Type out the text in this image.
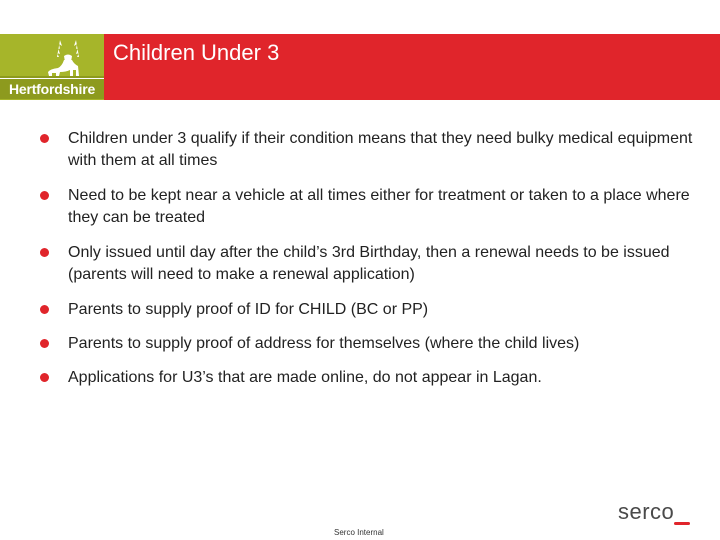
Hertfordshire
Children Under 3
Children under 3 qualify if their condition means that they need bulky medical equipment with them at all times
Need to be kept near a vehicle at all times either for treatment or taken to a place where they can be treated
Only issued until day after the child’s 3rd Birthday, then a renewal needs to be issued (parents will need to make a renewal application)
Parents to supply proof of ID for CHILD (BC or PP)
Parents to supply proof of address for themselves (where the child lives)
Applications for U3’s that are made online, do not appear in Lagan.
Serco Internal
serco
